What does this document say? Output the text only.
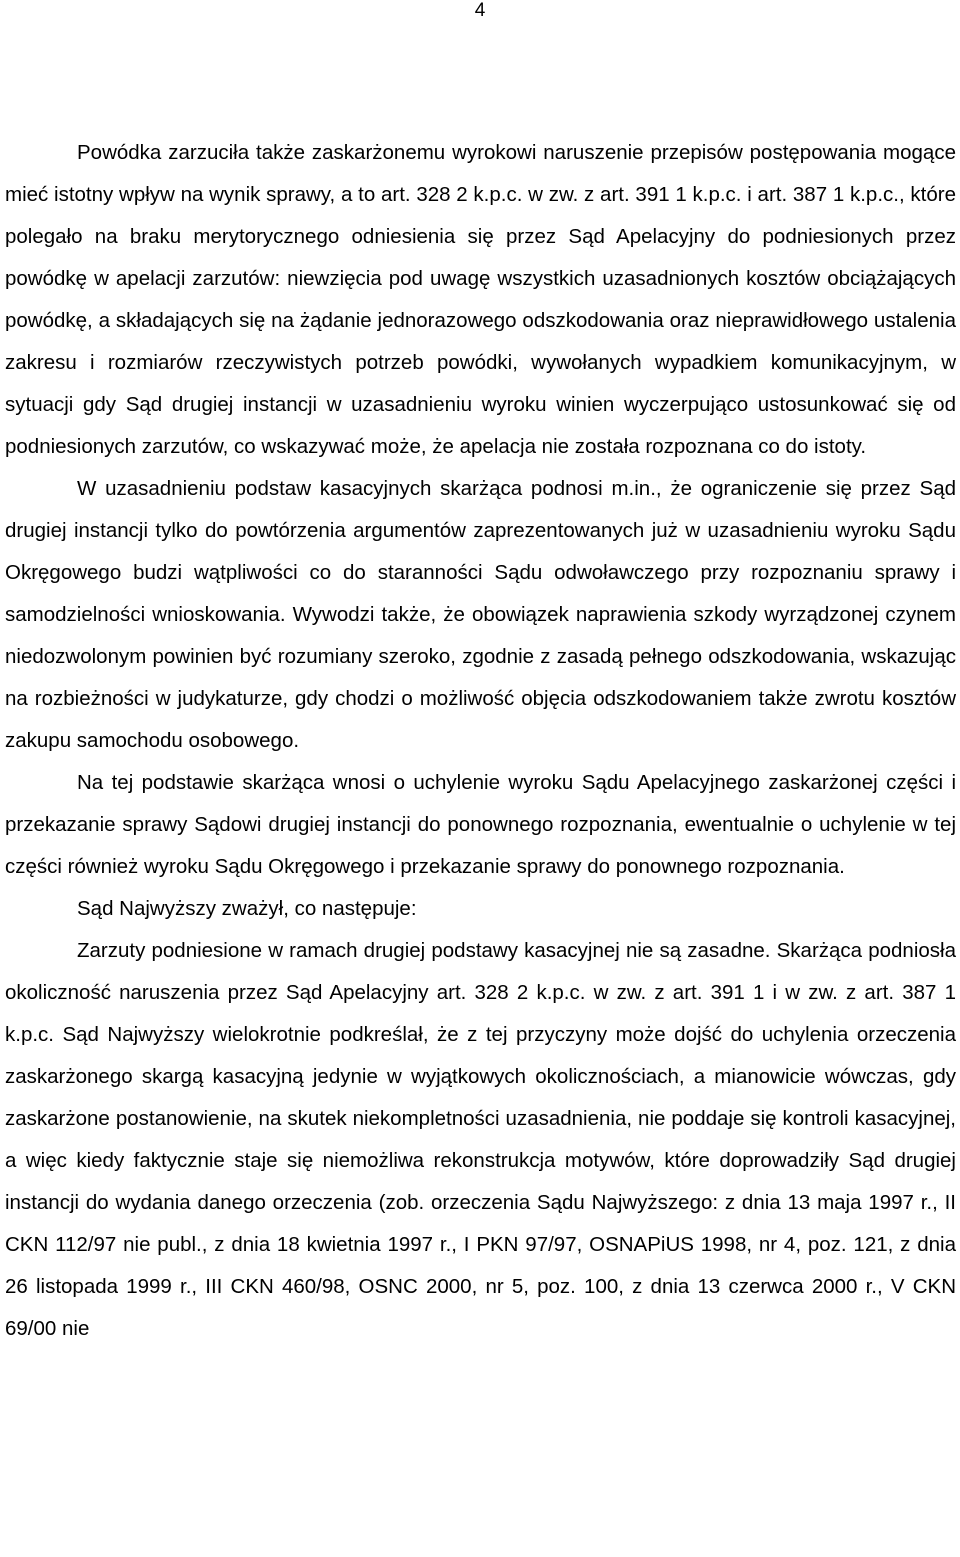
4

Powódka zarzuciła także zaskarżonemu wyrokowi naruszenie przepisów postępowania mogące mieć istotny wpływ na wynik sprawy, a to art. 328 2 k.p.c. w zw. z art. 391 1 k.p.c. i art. 387 1 k.p.c., które polegało na braku merytorycznego odniesienia się przez Sąd Apelacyjny do podniesionych przez powódkę w apelacji zarzutów: niewzięcia pod uwagę wszystkich uzasadnionych kosztów obciążających powódkę, a składających się na żądanie jednorazowego odszkodowania oraz nieprawidłowego ustalenia zakresu i rozmiarów rzeczywistych potrzeb powódki, wywołanych wypadkiem komunikacyjnym, w sytuacji gdy Sąd drugiej instancji w uzasadnieniu wyroku winien wyczerpująco ustosunkować się od podniesionych zarzutów, co wskazywać może, że apelacja nie została rozpoznana co do istoty.

W uzasadnieniu podstaw kasacyjnych skarżąca podnosi m.in., że ograniczenie się przez Sąd drugiej instancji tylko do powtórzenia argumentów zaprezentowanych już w uzasadnieniu wyroku Sądu Okręgowego budzi wątpliwości co do staranności Sądu odwoławczego przy rozpoznaniu sprawy i samodzielności wnioskowania. Wywodzi także, że obowiązek naprawienia szkody wyrządzonej czynem niedozwolonym powinien być rozumiany szeroko, zgodnie z zasadą pełnego odszkodowania, wskazując na rozbieżności w judykaturze, gdy chodzi o możliwość objęcia odszkodowaniem także zwrotu kosztów zakupu samochodu osobowego.

Na tej podstawie skarżąca wnosi o uchylenie wyroku Sądu Apelacyjnego zaskarżonej części i przekazanie sprawy Sądowi drugiej instancji do ponownego rozpoznania, ewentualnie o uchylenie w tej części również wyroku Sądu Okręgowego i przekazanie sprawy do ponownego rozpoznania.

Sąd Najwyższy zważył, co następuje:

Zarzuty podniesione w ramach drugiej podstawy kasacyjnej nie są zasadne. Skarżąca podniosła okoliczność naruszenia przez Sąd Apelacyjny art. 328 2 k.p.c. w zw. z art. 391 1 i w zw. z art. 387 1 k.p.c. Sąd Najwyższy wielokrotnie podkreślał, że z tej przyczyny może dojść do uchylenia orzeczenia zaskarżonego skargą kasacyjną jedynie w wyjątkowych okolicznościach, a mianowicie wówczas, gdy zaskarżone postanowienie, na skutek niekompletności uzasadnienia, nie poddaje się kontroli kasacyjnej, a więc kiedy faktycznie staje się niemożliwa rekonstrukcja motywów, które doprowadziły Sąd drugiej instancji do wydania danego orzeczenia (zob. orzeczenia Sądu Najwyższego: z dnia 13 maja 1997 r., II CKN 112/97 nie publ., z dnia 18 kwietnia 1997 r., I PKN 97/97, OSNAPiUS 1998, nr 4, poz. 121, z dnia 26 listopada 1999 r., III CKN 460/98, OSNC 2000, nr 5, poz. 100, z dnia 13 czerwca 2000 r., V CKN 69/00 nie
